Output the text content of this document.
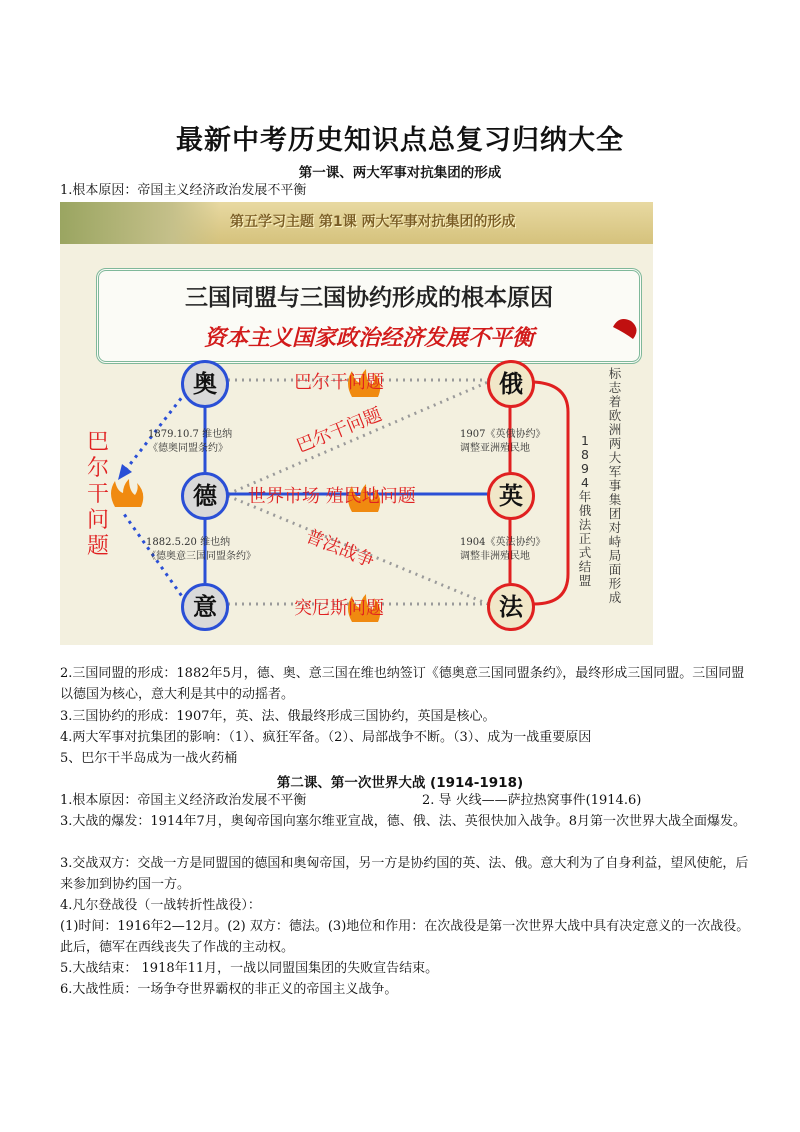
最新中考历史知识点总复习归纳大全
第一课、两大军事对抗集团的形成
1.根本原因：帝国主义经济政治发展不平衡
第五学习主题 第1课 两大军事对抗集团的形成
三国同盟与三国协约形成的根本原因
资本主义国家政治经济发展不平衡
奥
德
意
俄
英
法
巴尔干问题
巴尔干问题
世界市场 殖民地问题
普法战争
突尼斯问题
巴尔干问题
1879.10.7 维也纳
《德奥同盟条约》
1882.5.20 维也纳
《德奥意三国同盟条约》
1907《英俄协约》
调整亚洲殖民地
1904《英法协约》
调整非洲殖民地
1894年俄法正式结盟
标志着欧洲两大军事集团对峙局面形成
2.三国同盟的形成：1882年5月，德、奥、意三国在维也纳签订《德奥意三国同盟条约》，最终形成三国同盟。三国同盟以德国为核心，意大利是其中的动摇者。
3.三国协约的形成：1907年，英、法、俄最终形成三国协约，英国是核心。
4.两大军事对抗集团的影响：（1）、疯狂军备。（2）、局部战争不断。（3）、成为一战重要原因
5、巴尔干半岛成为一战火药桶
第二课、第一次世界大战 (1914-1918)
1.根本原因：帝国主义经济政治发展不平衡	2. 导 火线——萨拉热窝事件(1914.6)
3.大战的爆发：1914年7月，奥匈帝国向塞尔维亚宣战，德、俄、法、英很快加入战争。8月第一次世界大战全面爆发。
3.交战双方：交战一方是同盟国的德国和奥匈帝国，另一方是协约国的英、法、俄。意大利为了自身利益，望风使舵，后来参加到协约国一方。
4.凡尔登战役（一战转折性战役）：
(1)时间：1916年2—12月。(2) 双方：德法。(3)地位和作用：在次战役是第一次世界大战中具有决定意义的一次战役。此后，德军在西线丧失了作战的主动权。
5.大战结束： 1918年11月，一战以同盟国集团的失败宣告结束。
6.大战性质：一场争夺世界霸权的非正义的帝国主义战争。
